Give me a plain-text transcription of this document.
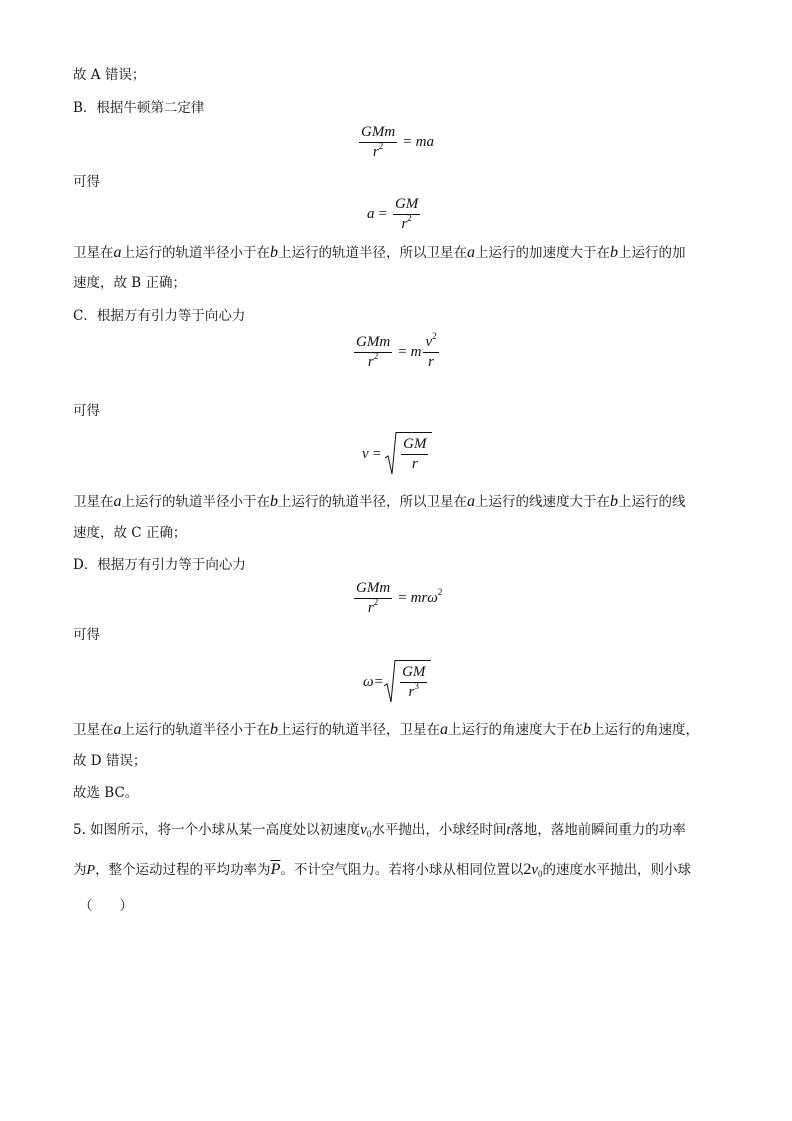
故 A 错误；
B．根据牛顿第二定律
$\frac{\text{GMm}}{r^2}$ = ma
可得
$a = \frac{GM}{r^2}$
卫星在a上运行的轨道半径小于在b上运行的轨道半径，所以卫星在a上运行的加速度大于在b上运行的加
速度，故 B 正确；
C．根据万有引力等于向心力
$\frac{\text{GMm}}{r^2} = m \frac{v^2}{r}$
可得
$v = \frac{GM}{r}$
卫星在a上运行的轨道半径小于在b上运行的轨道半径，所以卫星在a上运行的线速度大于在b上运行的线
速度，故 C 正确；
D．根据万有引力等于向心力
$\frac{\text{GMm}}{r^2} = mr\omega^2$
可得
$\omega = \frac{GM}{r^3}$
卫星在a上运行的轨道半径小于在b上运行的轨道半径，卫星在a上运行的角速度大于在b上运行的角速度，
故 D 错误；
故选 BC。
5. 如图所示，将一个小球从某一高度处以初速度$v_0$水平抛出，小球经时间t落地，落地前瞬间重力的功率
为P，整个运动过程的平均功率为$\overline{P}$。不计空气阻力。若将小球从相同位置以$2v_0$的速度水平抛出，则小球
（　　）
